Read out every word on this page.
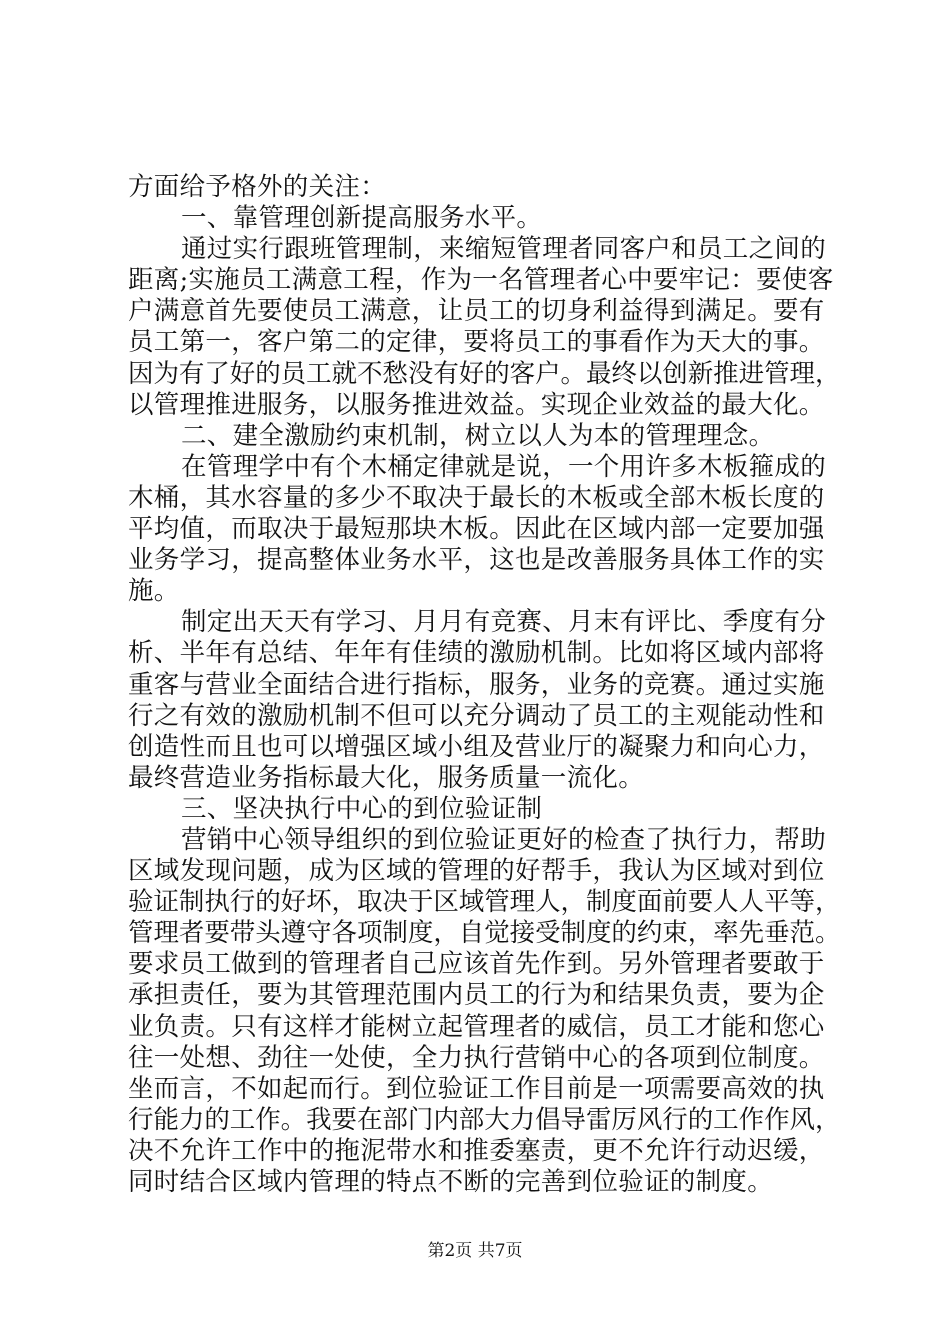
方面给予格外的关注：
一、靠管理创新提高服务水平。
通过实行跟班管理制，来缩短管理者同客户和员工之间的
距离;实施员工满意工程，作为一名管理者心中要牢记：要使客
户满意首先要使员工满意，让员工的切身利益得到满足。要有
员工第一，客户第二的定律，要将员工的事看作为天大的事。
因为有了好的员工就不愁没有好的客户。最终以创新推进管理，
以管理推进服务，以服务推进效益。实现企业效益的最大化。
二、建全激励约束机制，树立以人为本的管理理念。
在管理学中有个木桶定律就是说，一个用许多木板箍成的
木桶，其水容量的多少不取决于最长的木板或全部木板长度的
平均值，而取决于最短那块木板。因此在区域内部一定要加强
业务学习，提高整体业务水平，这也是改善服务具体工作的实
施。
制定出天天有学习、月月有竞赛、月末有评比、季度有分
析、半年有总结、年年有佳绩的激励机制。比如将区域内部将
重客与营业全面结合进行指标，服务，业务的竞赛。通过实施
行之有效的激励机制不但可以充分调动了员工的主观能动性和
创造性而且也可以增强区域小组及营业厅的凝聚力和向心力，
最终营造业务指标最大化，服务质量一流化。
三、坚决执行中心的到位验证制
营销中心领导组织的到位验证更好的检查了执行力，帮助
区域发现问题，成为区域的管理的好帮手，我认为区域对到位
验证制执行的好坏，取决于区域管理人，制度面前要人人平等，
管理者要带头遵守各项制度，自觉接受制度的约束，率先垂范。
要求员工做到的管理者自己应该首先作到。另外管理者要敢于
承担责任，要为其管理范围内员工的行为和结果负责，要为企
业负责。只有这样才能树立起管理者的威信，员工才能和您心
往一处想、劲往一处使，全力执行营销中心的各项到位制度。
坐而言，不如起而行。到位验证工作目前是一项需要高效的执
行能力的工作。我要在部门内部大力倡导雷厉风行的工作作风，
决不允许工作中的拖泥带水和推委塞责，更不允许行动迟缓，
同时结合区域内管理的特点不断的完善到位验证的制度。
第2页 共7页
